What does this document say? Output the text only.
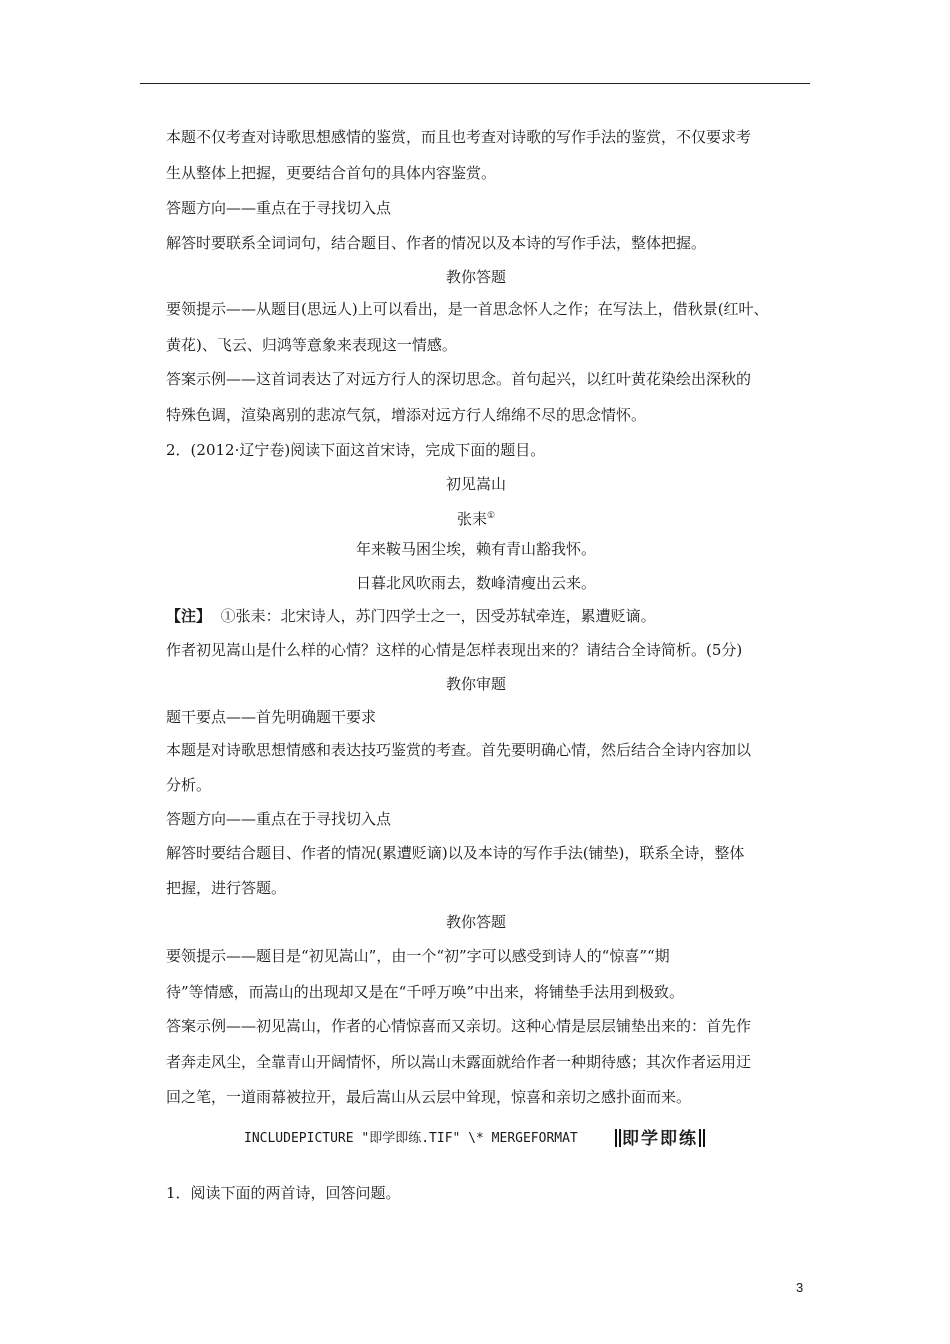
本题不仅考查对诗歌思想感情的鉴赏，而且也考查对诗歌的写作手法的鉴赏，不仅要求考
生从整体上把握，更要结合首句的具体内容鉴赏。
答题方向——重点在于寻找切入点
解答时要联系全词词句，结合题目、作者的情况以及本诗的写作手法，整体把握。
教你答题
要领提示——从题目(思远人)上可以看出，是一首思念怀人之作；在写法上，借秋景(红叶、
黄花)、飞云、归鸿等意象来表现这一情感。
答案示例——这首词表达了对远方行人的深切思念。首句起兴，以红叶黄花染绘出深秋的
特殊色调，渲染离别的悲凉气氛，增添对远方行人绵绵不尽的思念情怀。
2．(2012·辽宁卷)阅读下面这首宋诗，完成下面的题目。
初见嵩山
张耒①
年来鞍马困尘埃，赖有青山豁我怀。
日暮北风吹雨去，数峰清瘦出云来。
【注】 ①张耒：北宋诗人，苏门四学士之一，因受苏轼牵连，累遭贬谪。
作者初见嵩山是什么样的心情？这样的心情是怎样表现出来的？请结合全诗简析。(5分)
教你审题
题干要点——首先明确题干要求
本题是对诗歌思想情感和表达技巧鉴赏的考查。首先要明确心情，然后结合全诗内容加以
分析。
答题方向——重点在于寻找切入点
解答时要结合题目、作者的情况(累遭贬谪)以及本诗的写作手法(铺垫)，联系全诗，整体
把握，进行答题。
教你答题
要领提示——题目是“初见嵩山”，由一个“初”字可以感受到诗人的“惊喜”“期
待”等情感，而嵩山的出现却又是在“千呼万唤”中出来，将铺垫手法用到极致。
答案示例——初见嵩山，作者的心情惊喜而又亲切。这种心情是层层铺垫出来的：首先作
者奔走风尘，全靠青山开阔情怀，所以嵩山未露面就给作者一种期待感；其次作者运用迂
回之笔，一道雨幕被拉开，最后嵩山从云层中耸现，惊喜和亲切之感扑面而来。
1．阅读下面的两首诗，回答问题。
INCLUDEPICTURE "即学即练.TIF" \* MERGEFORMAT	即学即练
3
